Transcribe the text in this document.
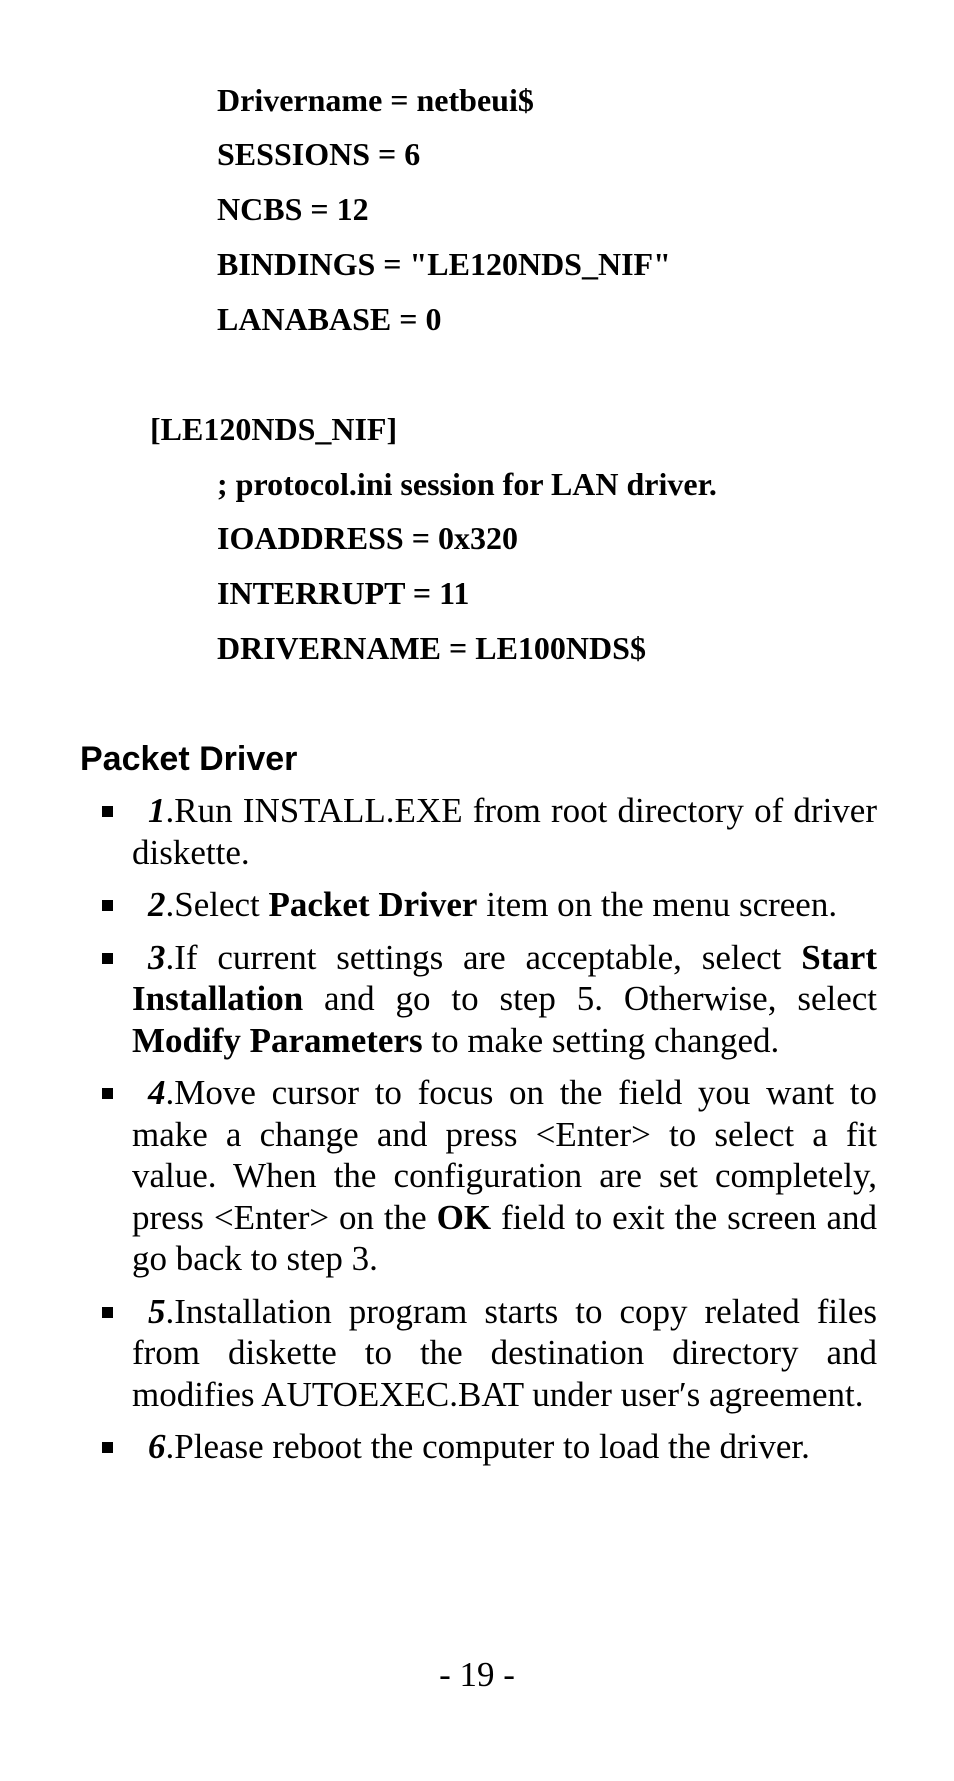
Drivername = netbeui$
SESSIONS = 6
NCBS = 12
BINDINGS = "LE120NDS_NIF"
LANABASE = 0
[LE120NDS_NIF]
; protocol.ini session for LAN driver.
IOADDRESS = 0x320
INTERRUPT = 11
DRIVERNAME = LE100NDS$
Packet Driver
1.Run INSTALL.EXE from root directory of driver diskette.
2.Select Packet Driver item on the menu screen.
3.If current settings are acceptable, select Start Installation and go to step 5. Otherwise, select Modify Parameters to make setting changed.
4.Move cursor to focus on the field you want to make a change and press <Enter> to select a fit value. When the configuration are set completely, press <Enter> on the OK field to exit the screen and go back to step 3.
5.Installation program starts to copy related files from diskette to the destination directory and modifies AUTOEXEC.BAT under user′s agreement.
6.Please reboot the computer to load the driver.
- 19 -
